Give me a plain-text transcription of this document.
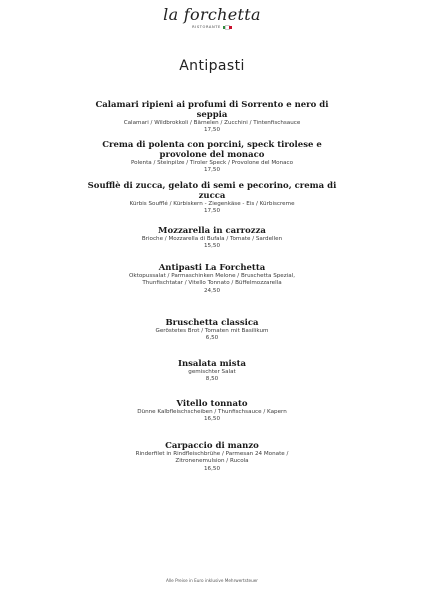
la forchetta
RISTORANTE
Antipasti
Calamari ripieni ai profumi di Sorrento e nero di seppia
Calamari / Wildbrokkoli / Bärnelen / Zucchini / Tintenfischsauce
17,50
Crema di polenta con porcini, speck tirolese e provolone del monaco
Polenta / Steinpilze / Tiroler Speck / Provolone del Monaco
17,50
Soufflè di zucca, gelato di semi e pecorino, crema di zucca
Kürbis Soufflé / Kürbiskern - Ziegenkäse - Eis / Kürbiscreme
17,50
Mozzarella in carrozza
Brioche / Mozzarella di Bufala / Tomate / Sardellen
15,50
Antipasti La Forchetta
Oktopussalat / Parmaschinken Melone / Bruschetta Spezial,
Thunfischtatar / Vitello Tonnato / Büffelmozzarella
24,50
Bruschetta classica
Geröstetes Brot / Tomaten mit Basilikum
6,50
Insalata mista
gemischter Salat
8,50
Vitello tonnato
Dünne Kalbfleischscheiben / Thunfischsauce / Kapern
16,50
Carpaccio di manzo
Rinderfilet in Rindfleischbrühe / Parmesan 24 Monate /
Zitronenemulsion / Rucola
16,50
Alle Preise in Euro inklusive Mehrwertsteuer
